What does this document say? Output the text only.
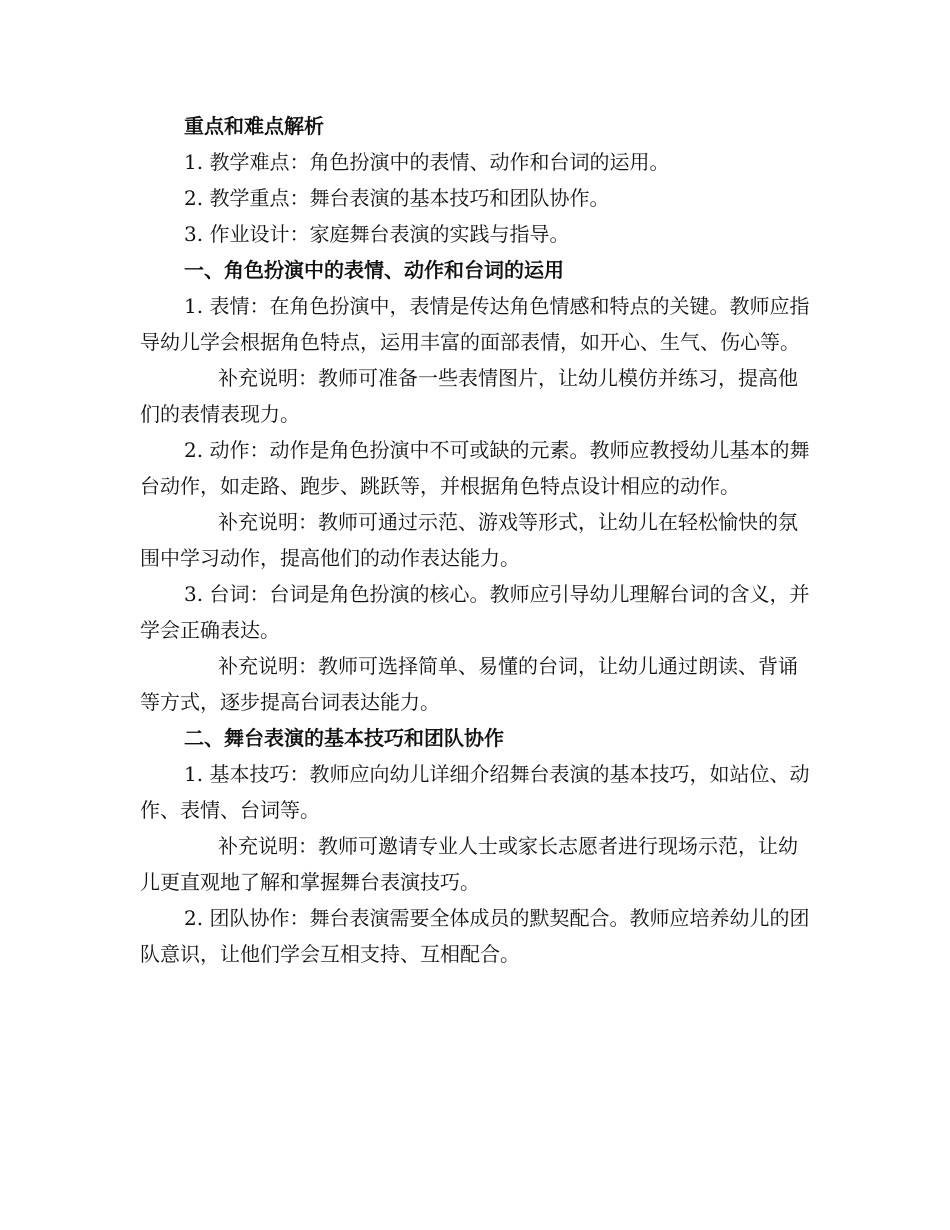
重点和难点解析

1. 教学难点：角色扮演中的表情、动作和台词的运用。

2. 教学重点：舞台表演的基本技巧和团队协作。

3. 作业设计：家庭舞台表演的实践与指导。

一、角色扮演中的表情、动作和台词的运用

1. 表情：在角色扮演中，表情是传达角色情感和特点的关键。教师应指导幼儿学会根据角色特点，运用丰富的面部表情，如开心、生气、伤心等。

补充说明：教师可准备一些表情图片，让幼儿模仿并练习，提高他们的表情表现力。

2. 动作：动作是角色扮演中不可或缺的元素。教师应教授幼儿基本的舞台动作，如走路、跑步、跳跃等，并根据角色特点设计相应的动作。

补充说明：教师可通过示范、游戏等形式，让幼儿在轻松愉快的氛围中学习动作，提高他们的动作表达能力。

3. 台词：台词是角色扮演的核心。教师应引导幼儿理解台词的含义，并学会正确表达。

补充说明：教师可选择简单、易懂的台词，让幼儿通过朗读、背诵等方式，逐步提高台词表达能力。

二、舞台表演的基本技巧和团队协作

1. 基本技巧：教师应向幼儿详细介绍舞台表演的基本技巧，如站位、动作、表情、台词等。

补充说明：教师可邀请专业人士或家长志愿者进行现场示范，让幼儿更直观地了解和掌握舞台表演技巧。

2. 团队协作：舞台表演需要全体成员的默契配合。教师应培养幼儿的团队意识，让他们学会互相支持、互相配合。
